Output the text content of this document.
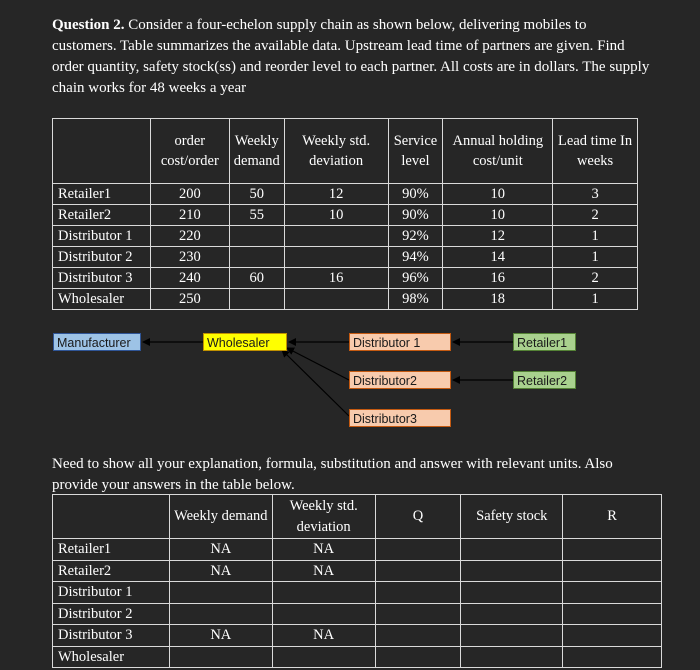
Question 2. Consider a four-echelon supply chain as shown below, delivering mobiles to customers. Table summarizes the available data. Upstream lead time of partners are given. Find order quantity, safety stock(ss) and reorder level to each partner. All costs are in dollars. The supply chain works for 48 weeks a year

	order cost/order	Weekly demand	Weekly std. deviation	Service level	Annual holding cost/unit	Lead time In weeks
Retailer1	200	50	12	90%	10	3
Retailer2	210	55	10	90%	10	2
Distributor 1	220			92%	12	1
Distributor 2	230			94%	14	1
Distributor 3	240	60	16	96%	16	2
Wholesaler	250			98%	18	1
Manufacturer	Wholesaler	Distributor 1
Distributor2
Distributor3
Retailer1
Retailer2

Need to show all your explanation, formula, substitution and answer with relevant units. Also provide your answers in the table below.

	Weekly demand	Weekly std. deviation	Q	Safety stock	R
Retailer1	NA	NA			
Retailer2	NA	NA			
Distributor 1					
Distributor 2					
Distributor 3	NA	NA			
Wholesaler					
